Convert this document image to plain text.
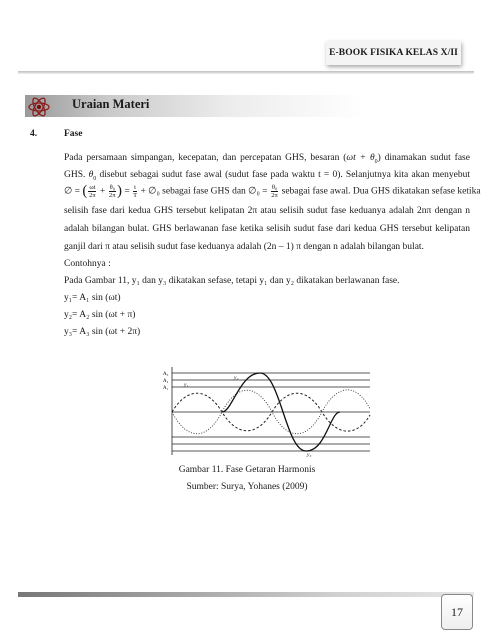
E-BOOK FISIKA KELAS X/II
Uraian Materi
4.	Fase
Pada persamaan simpangan, kecepatan, dan percepatan GHS, besaran $(\omega t + \theta_0)$ dinamakan sudut fase
GHS. $\theta_0$ disebut sebagai sudut fase awal (sudut fase pada waktu t = 0). Selanjutnya kita akan menyebut
∅ = ( $\frac{\omega t}{2\pi} + \frac{\text{θ₀}}{2\pi}$ ) = $\frac{t}{T}$ + ∅₀ sebagai fase GHS dan ∅₀ = $\frac{\text{θ₀}}{2\pi}$ sebagai fase awal. Dua GHS dikatakan sefase ketika
selisih fase dari kedua GHS tersebut kelipatan 2π atau selisih sudut fase keduanya adalah 2nπ dengan n
adalah bilangan bulat. GHS berlawanan fase ketika selisih sudut fase dari kedua GHS tersebut kelipatan
ganjil dari π atau selisih sudut fase keduanya adalah (2n – 1) π dengan n adalah bilangan bulat.
Contohnya :
Pada Gambar 11, y₁ dan y₃ dikatakan sefase, tetapi y₁ dan y₂ dikatakan berlawanan fase.
y₁= A₁ sin (ωt)
y₂= A₂ sin (ωt + π)
y₃= A₃ sin (ωt + 2π)
A₃
A₂
A₁
y₁
y₂
y₃
Gambar 11. Fase Getaran Harmonis
Sumber: Surya, Yohanes (2009)
17
